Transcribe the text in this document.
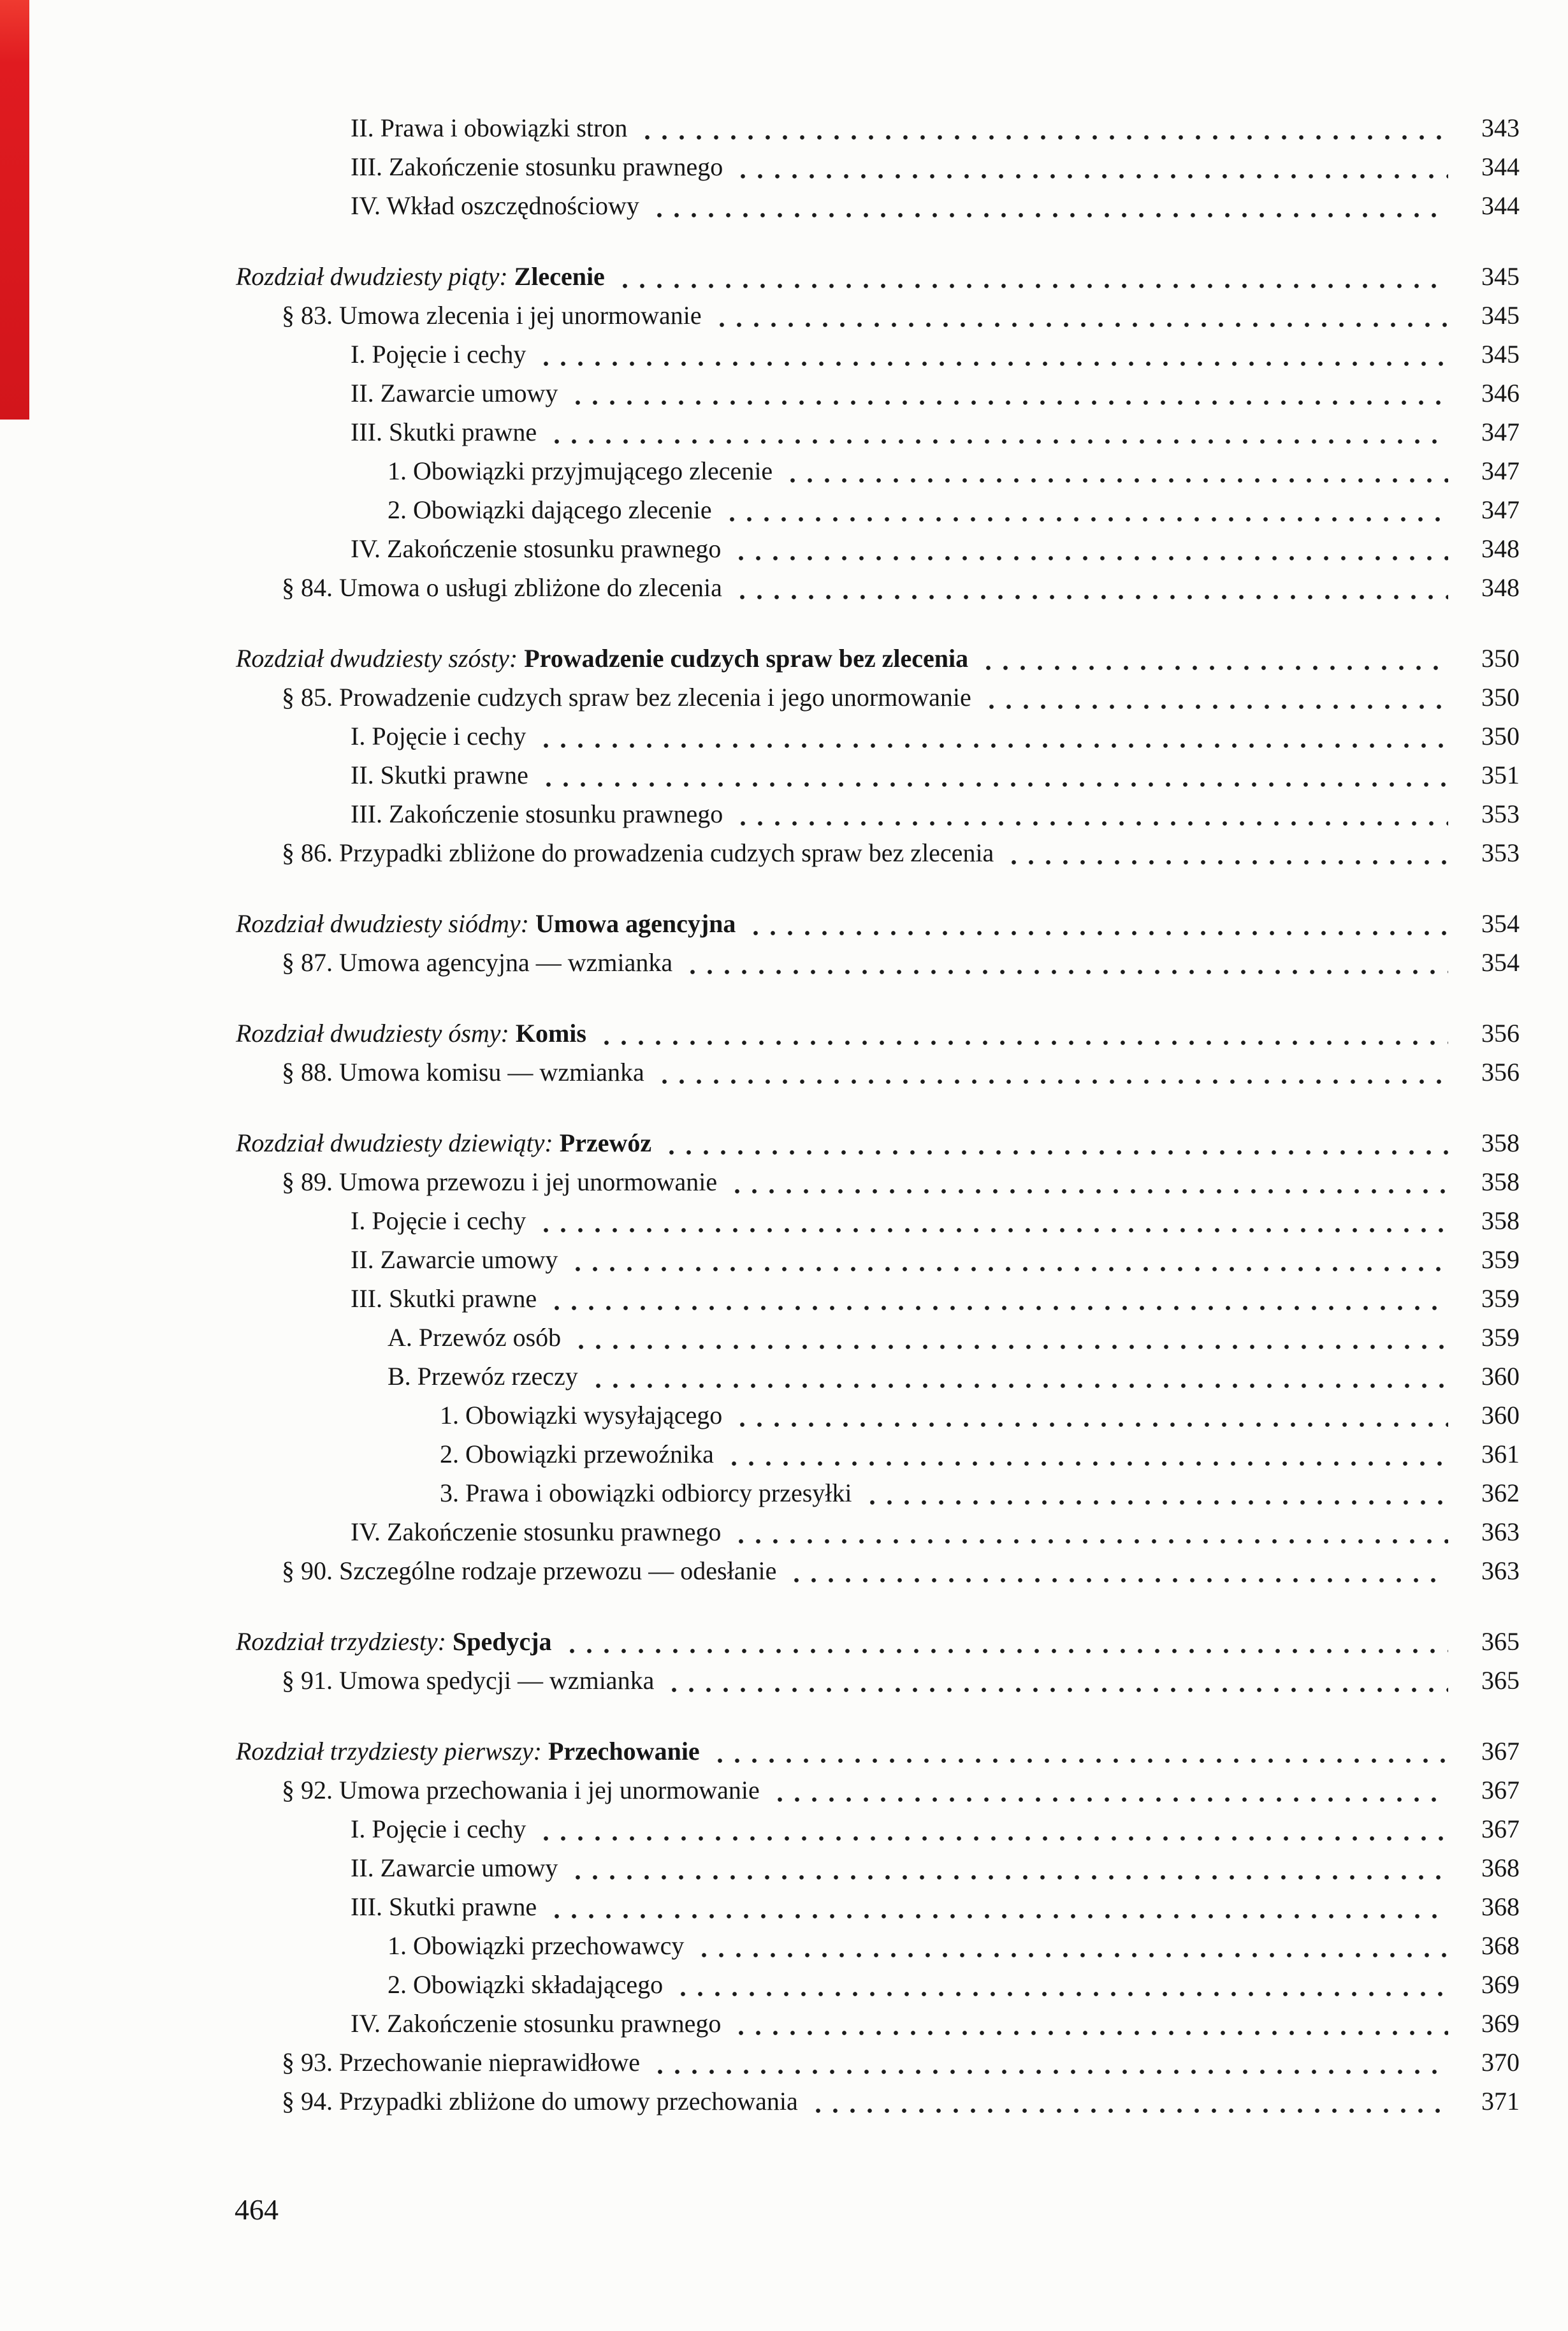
II. Prawa i obowiązki stron	343
III. Zakończenie stosunku prawnego	344
IV. Wkład oszczędnościowy	344
Rozdział dwudziesty piąty: Zlecenie	345
§ 83. Umowa zlecenia i jej unormowanie	345
I. Pojęcie i cechy	345
II. Zawarcie umowy	346
III. Skutki prawne	347
1. Obowiązki przyjmującego zlecenie	347
2. Obowiązki dającego zlecenie	347
IV. Zakończenie stosunku prawnego	348
§ 84. Umowa o usługi zbliżone do zlecenia	348
Rozdział dwudziesty szósty: Prowadzenie cudzych spraw bez zlecenia	350
§ 85. Prowadzenie cudzych spraw bez zlecenia i jego unormowanie	350
I. Pojęcie i cechy	350
II. Skutki prawne	351
III. Zakończenie stosunku prawnego	353
§ 86. Przypadki zbliżone do prowadzenia cudzych spraw bez zlecenia	353
Rozdział dwudziesty siódmy: Umowa agencyjna	354
§ 87. Umowa agencyjna — wzmianka	354
Rozdział dwudziesty ósmy: Komis	356
§ 88. Umowa komisu — wzmianka	356
Rozdział dwudziesty dziewiąty: Przewóz	358
§ 89. Umowa przewozu i jej unormowanie	358
I. Pojęcie i cechy	358
II. Zawarcie umowy	359
III. Skutki prawne	359
A. Przewóz osób	359
B. Przewóz rzeczy	360
1. Obowiązki wysyłającego	360
2. Obowiązki przewoźnika	361
3. Prawa i obowiązki odbiorcy przesyłki	362
IV. Zakończenie stosunku prawnego	363
§ 90. Szczególne rodzaje przewozu — odesłanie	363
Rozdział trzydziesty: Spedycja	365
§ 91. Umowa spedycji — wzmianka	365
Rozdział trzydziesty pierwszy: Przechowanie	367
§ 92. Umowa przechowania i jej unormowanie	367
I. Pojęcie i cechy	367
II. Zawarcie umowy	368
III. Skutki prawne	368
1. Obowiązki przechowawcy	368
2. Obowiązki składającego	369
IV. Zakończenie stosunku prawnego	369
§ 93. Przechowanie nieprawidłowe	370
§ 94. Przypadki zbliżone do umowy przechowania	371
464
